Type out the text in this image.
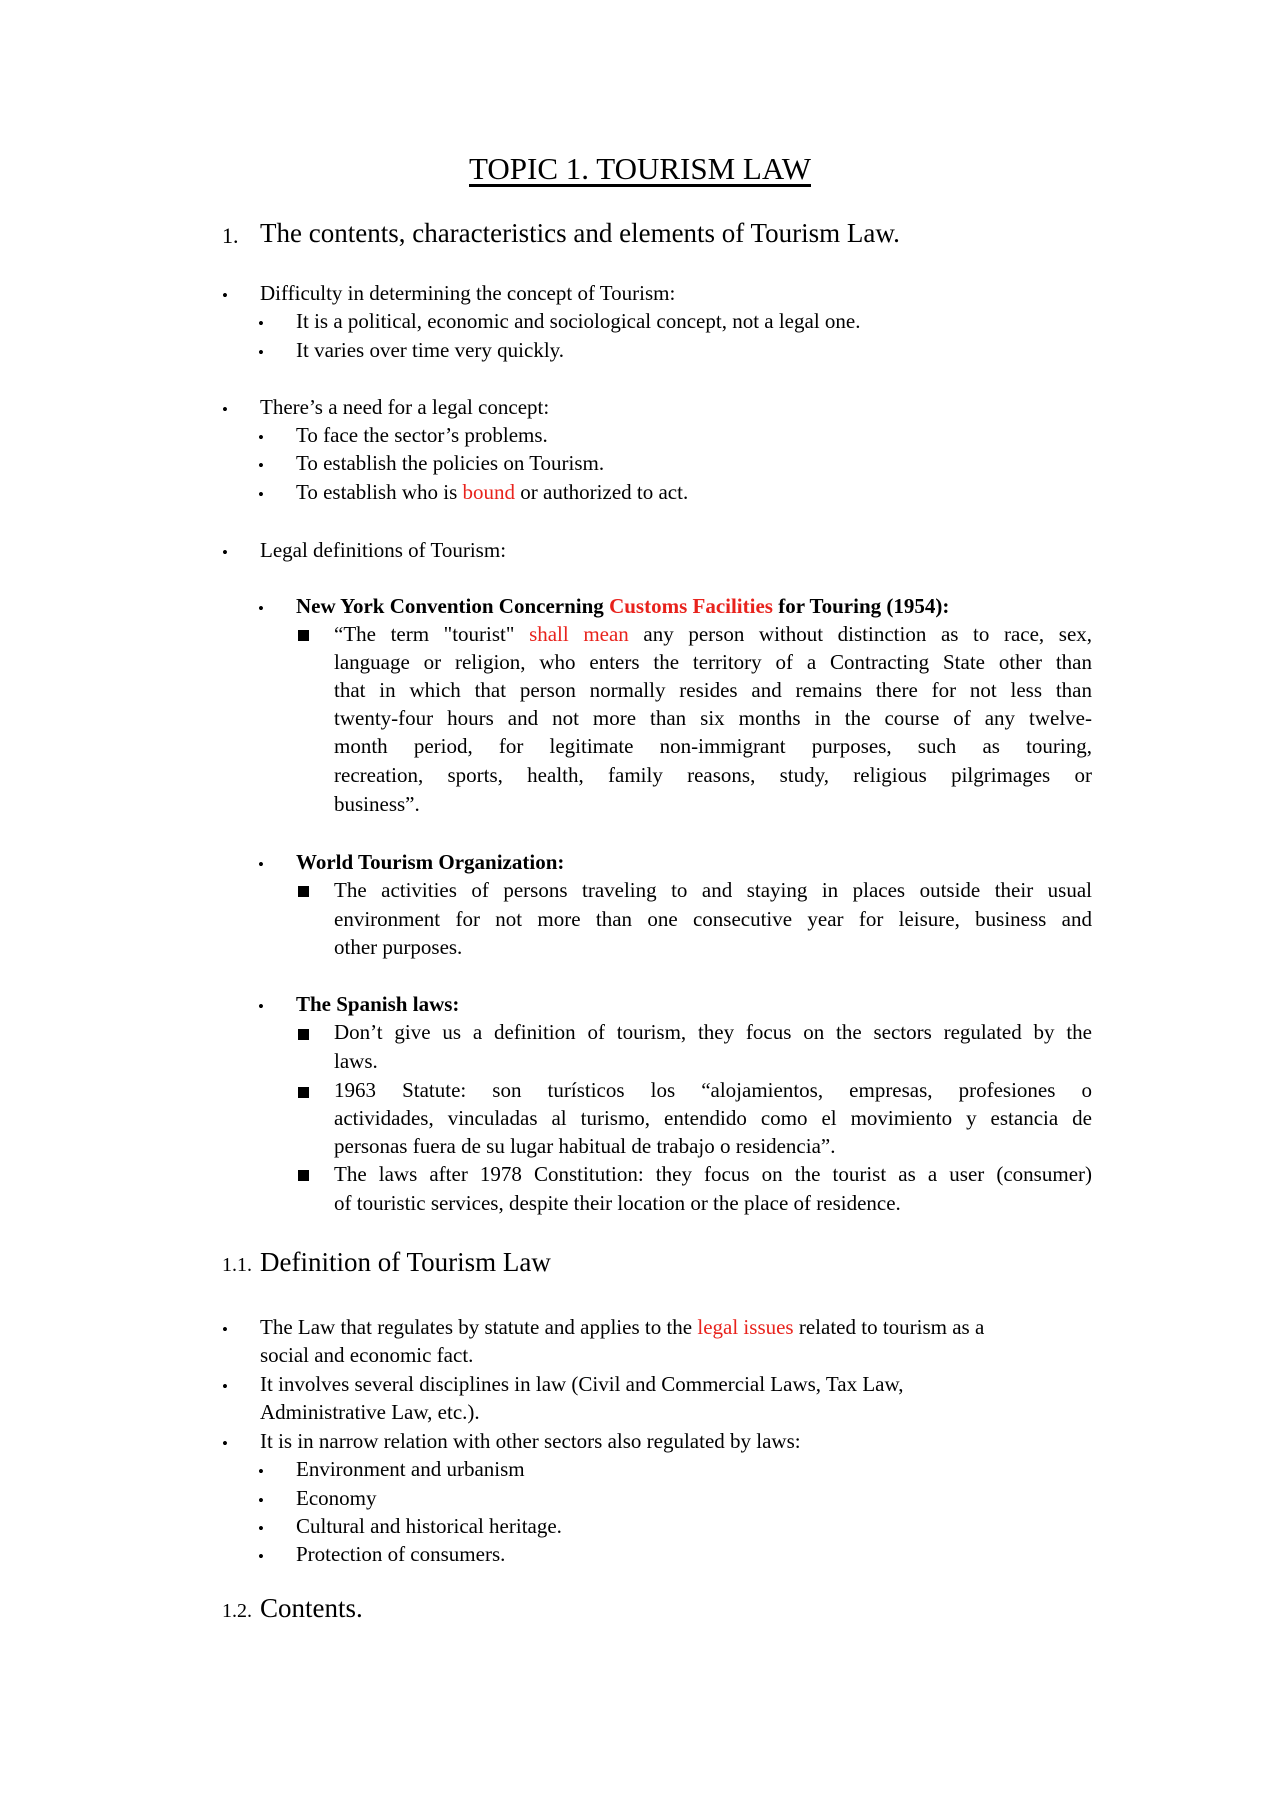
TOPIC 1. TOURISM LAW
1. The contents, characteristics and elements of Tourism Law.
• Difficulty in determining the concept of Tourism:
• It is a political, economic and sociological concept, not a legal one.
• It varies over time very quickly.
• There’s a need for a legal concept:
• To face the sector’s problems.
• To establish the policies on Tourism.
• To establish who is bound or authorized to act.
• Legal definitions of Tourism:
• New York Convention Concerning Customs Facilities for Touring (1954):
“The term "tourist" shall mean any person without distinction as to race, sex,
language or religion, who enters the territory of a Contracting State other than
that in which that person normally resides and remains there for not less than
twenty-four hours and not more than six months in the course of any twelve-
month period, for legitimate non-immigrant purposes, such as touring,
recreation, sports, health, family reasons, study, religious pilgrimages or
business”.
• World Tourism Organization:
The activities of persons traveling to and staying in places outside their usual
environment for not more than one consecutive year for leisure, business and
other purposes.
• The Spanish laws:
Don’t give us a definition of tourism, they focus on the sectors regulated by the
laws.
1963 Statute: son turísticos los “alojamientos, empresas, profesiones o
actividades, vinculadas al turismo, entendido como el movimiento y estancia de
personas fuera de su lugar habitual de trabajo o residencia”.
The laws after 1978 Constitution: they focus on the tourist as a user (consumer)
of touristic services, despite their location or the place of residence.
1.1. Definition of Tourism Law
• The Law that regulates by statute and applies to the legal issues related to tourism as a
social and economic fact.
• It involves several disciplines in law (Civil and Commercial Laws, Tax Law,
Administrative Law, etc.).
• It is in narrow relation with other sectors also regulated by laws:
• Environment and urbanism
• Economy
• Cultural and historical heritage.
• Protection of consumers.
1.2. Contents.
